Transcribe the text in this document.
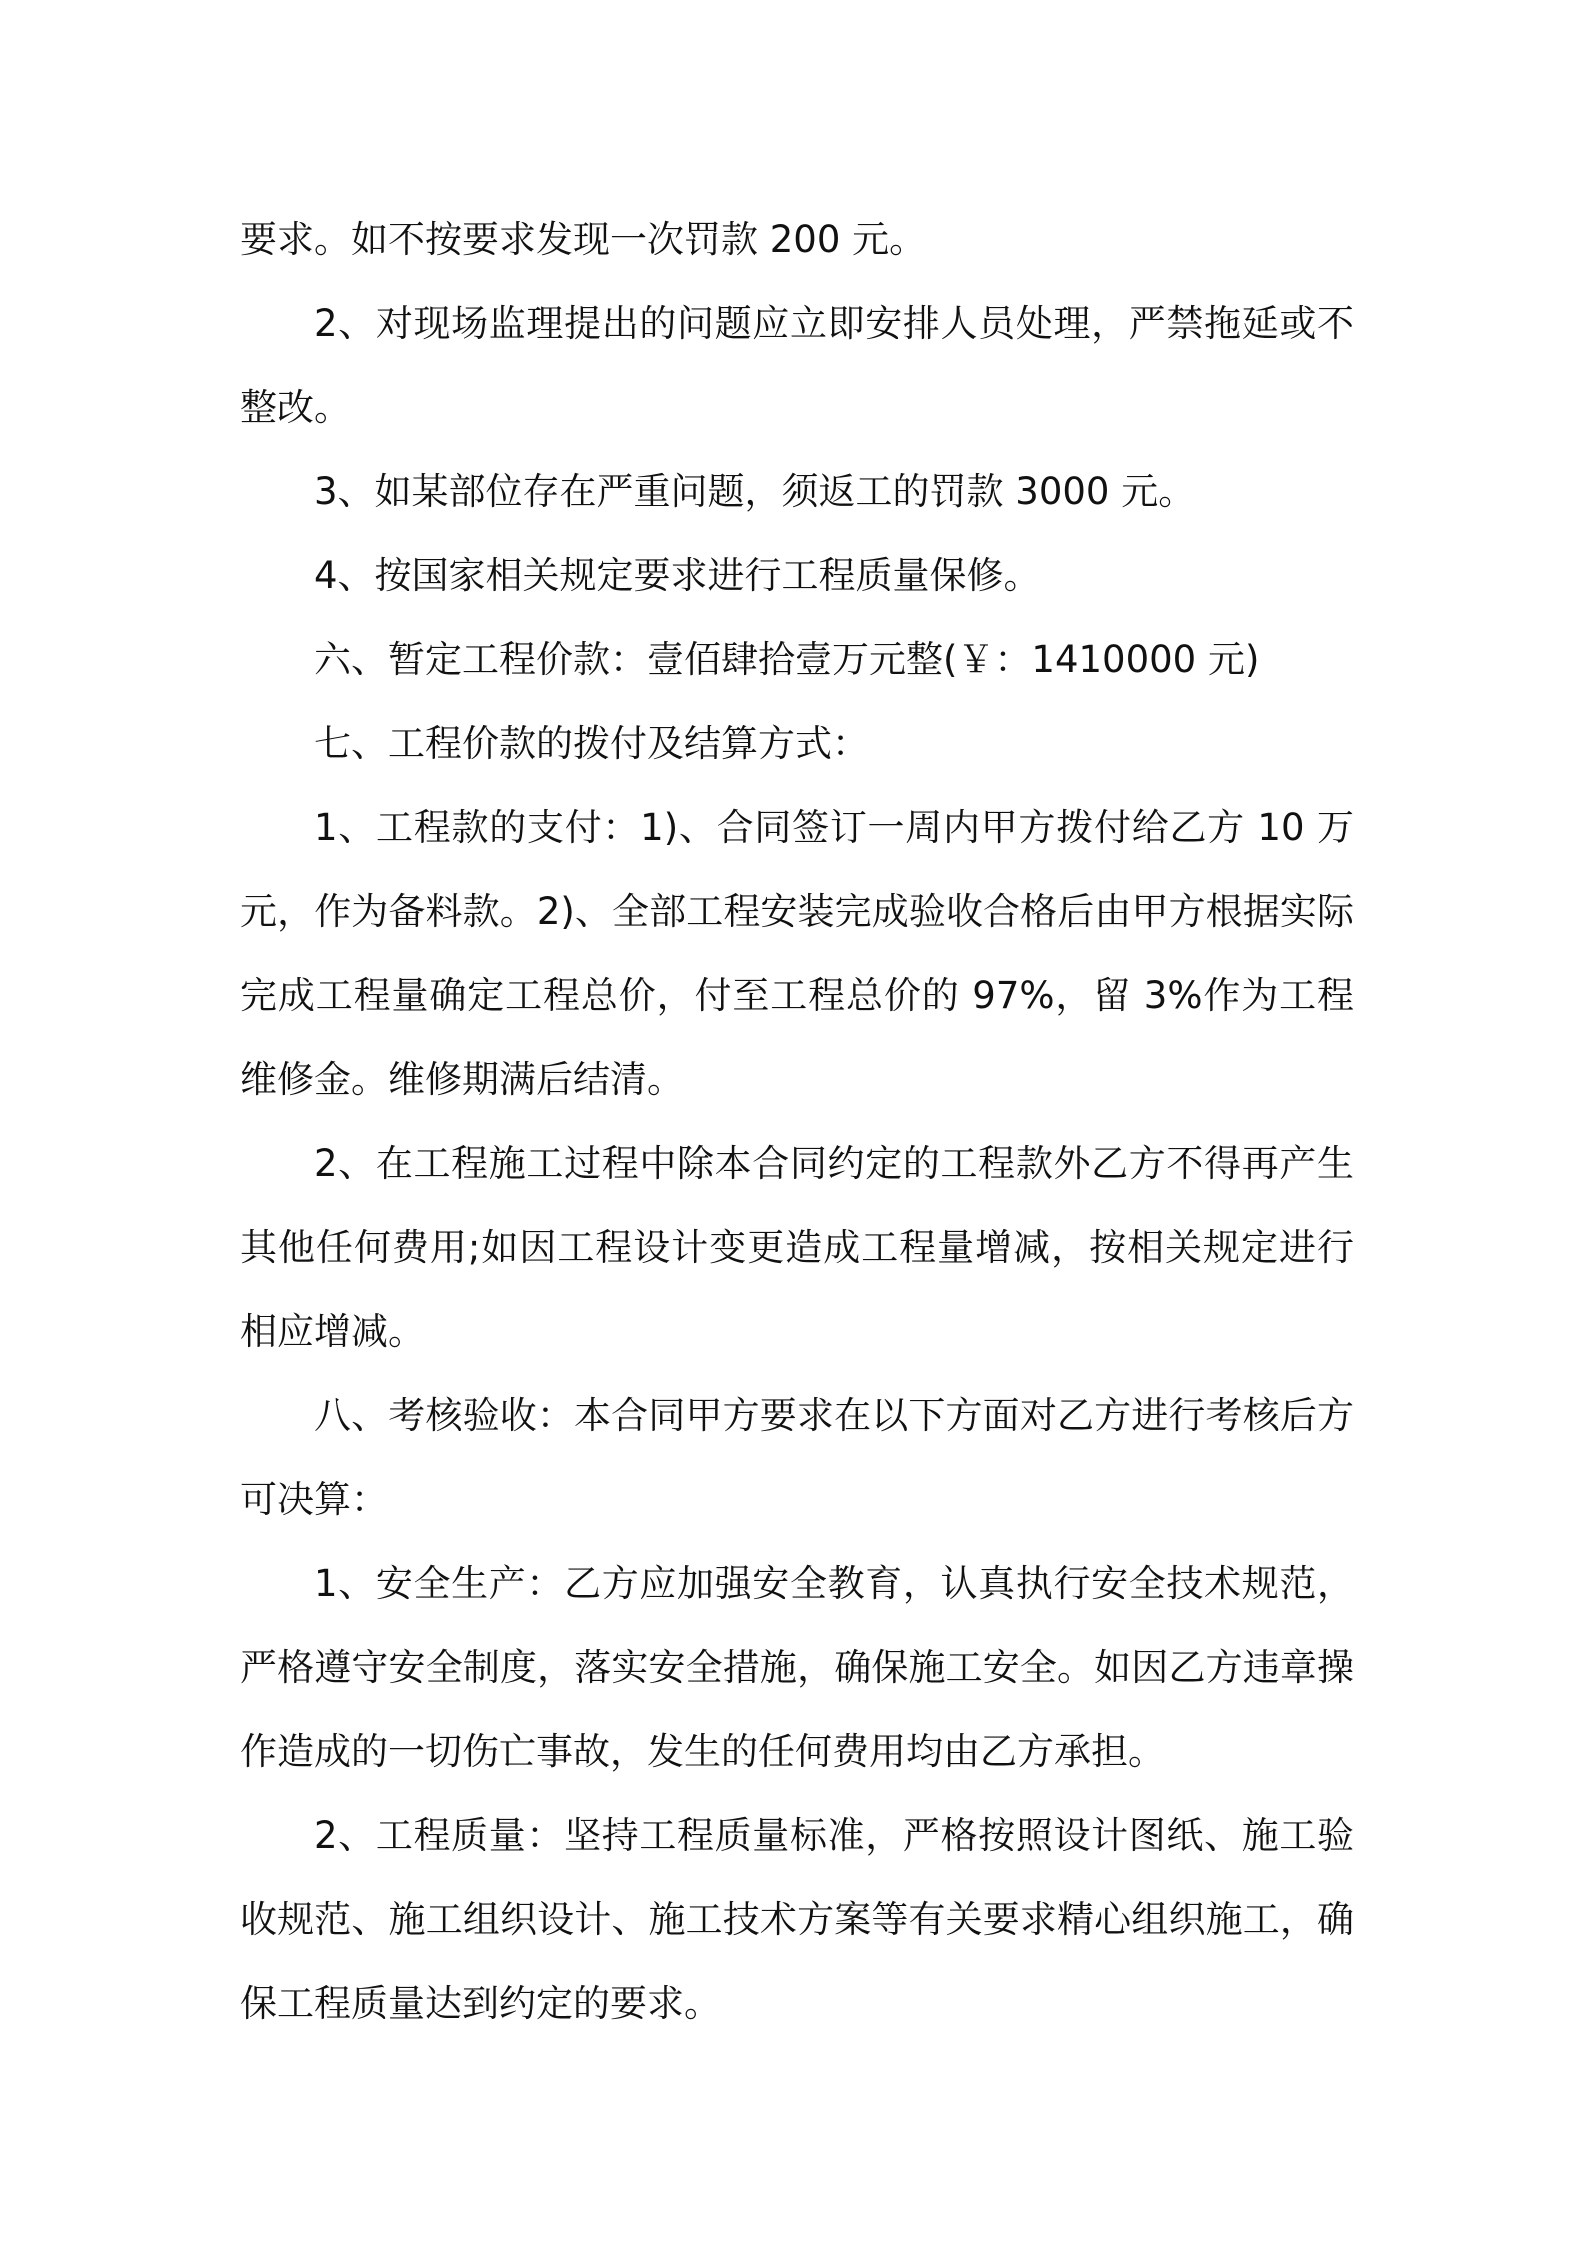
要求。如不按要求发现一次罚款 200 元。

2、对现场监理提出的问题应立即安排人员处理，严禁拖延或不整改。

3、如某部位存在严重问题，须返工的罚款 3000 元。

4、按国家相关规定要求进行工程质量保修。

六、暂定工程价款：壹佰肆拾壹万元整(￥：1410000 元)

七、工程价款的拨付及结算方式：

1、工程款的支付：1)、合同签订一周内甲方拨付给乙方 10 万元，作为备料款。2)、全部工程安装完成验收合格后由甲方根据实际完成工程量确定工程总价，付至工程总价的 97%，留 3%作为工程维修金。维修期满后结清。

2、在工程施工过程中除本合同约定的工程款外乙方不得再产生其他任何费用;如因工程设计变更造成工程量增减，按相关规定进行相应增减。

八、考核验收：本合同甲方要求在以下方面对乙方进行考核后方可决算：

1、安全生产：乙方应加强安全教育，认真执行安全技术规范，严格遵守安全制度，落实安全措施，确保施工安全。如因乙方违章操作造成的一切伤亡事故，发生的任何费用均由乙方承担。

2、工程质量：坚持工程质量标准，严格按照设计图纸、施工验收规范、施工组织设计、施工技术方案等有关要求精心组织施工，确保工程质量达到约定的要求。
